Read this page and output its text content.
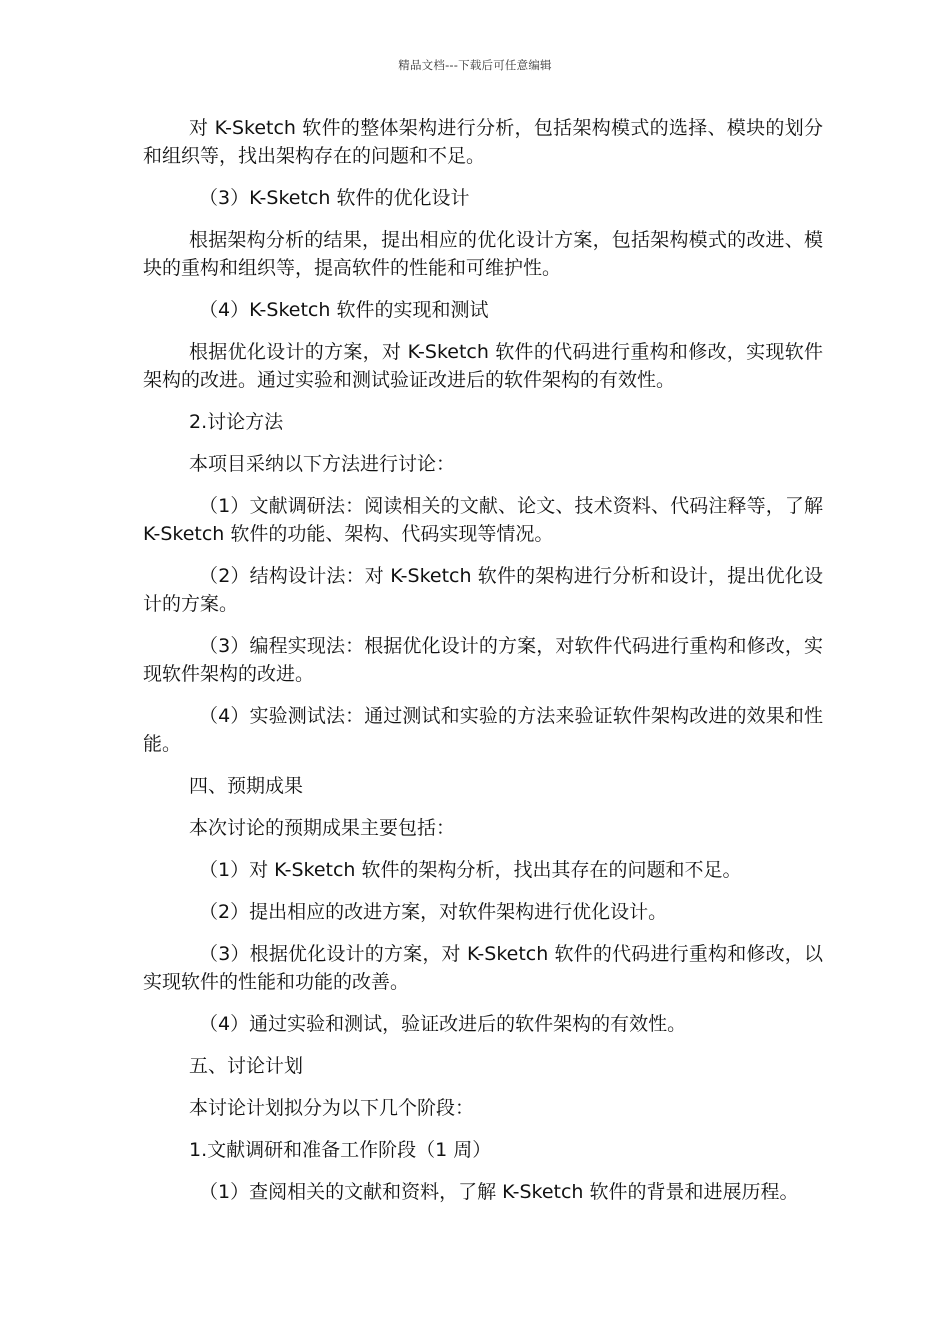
精品文档---下载后可任意编辑

对 K-Sketch 软件的整体架构进行分析，包括架构模式的选择、模块的划分和组织等，找出架构存在的问题和不足。

（3）K-Sketch 软件的优化设计

根据架构分析的结果，提出相应的优化设计方案，包括架构模式的改进、模块的重构和组织等，提高软件的性能和可维护性。

（4）K-Sketch 软件的实现和测试

根据优化设计的方案，对 K-Sketch 软件的代码进行重构和修改，实现软件架构的改进。通过实验和测试验证改进后的软件架构的有效性。

2.讨论方法

本项目采纳以下方法进行讨论：

（1）文献调研法：阅读相关的文献、论文、技术资料、代码注释等，了解 K-Sketch 软件的功能、架构、代码实现等情况。

（2）结构设计法：对 K-Sketch 软件的架构进行分析和设计，提出优化设计的方案。

（3）编程实现法：根据优化设计的方案，对软件代码进行重构和修改，实现软件架构的改进。

（4）实验测试法：通过测试和实验的方法来验证软件架构改进的效果和性能。

四、预期成果

本次讨论的预期成果主要包括：

（1）对 K-Sketch 软件的架构分析，找出其存在的问题和不足。

（2）提出相应的改进方案，对软件架构进行优化设计。

（3）根据优化设计的方案，对 K-Sketch 软件的代码进行重构和修改，以实现软件的性能和功能的改善。

（4）通过实验和测试，验证改进后的软件架构的有效性。

五、讨论计划

本讨论计划拟分为以下几个阶段：

1.文献调研和准备工作阶段（1 周）

（1）查阅相关的文献和资料，了解 K-Sketch 软件的背景和进展历程。
